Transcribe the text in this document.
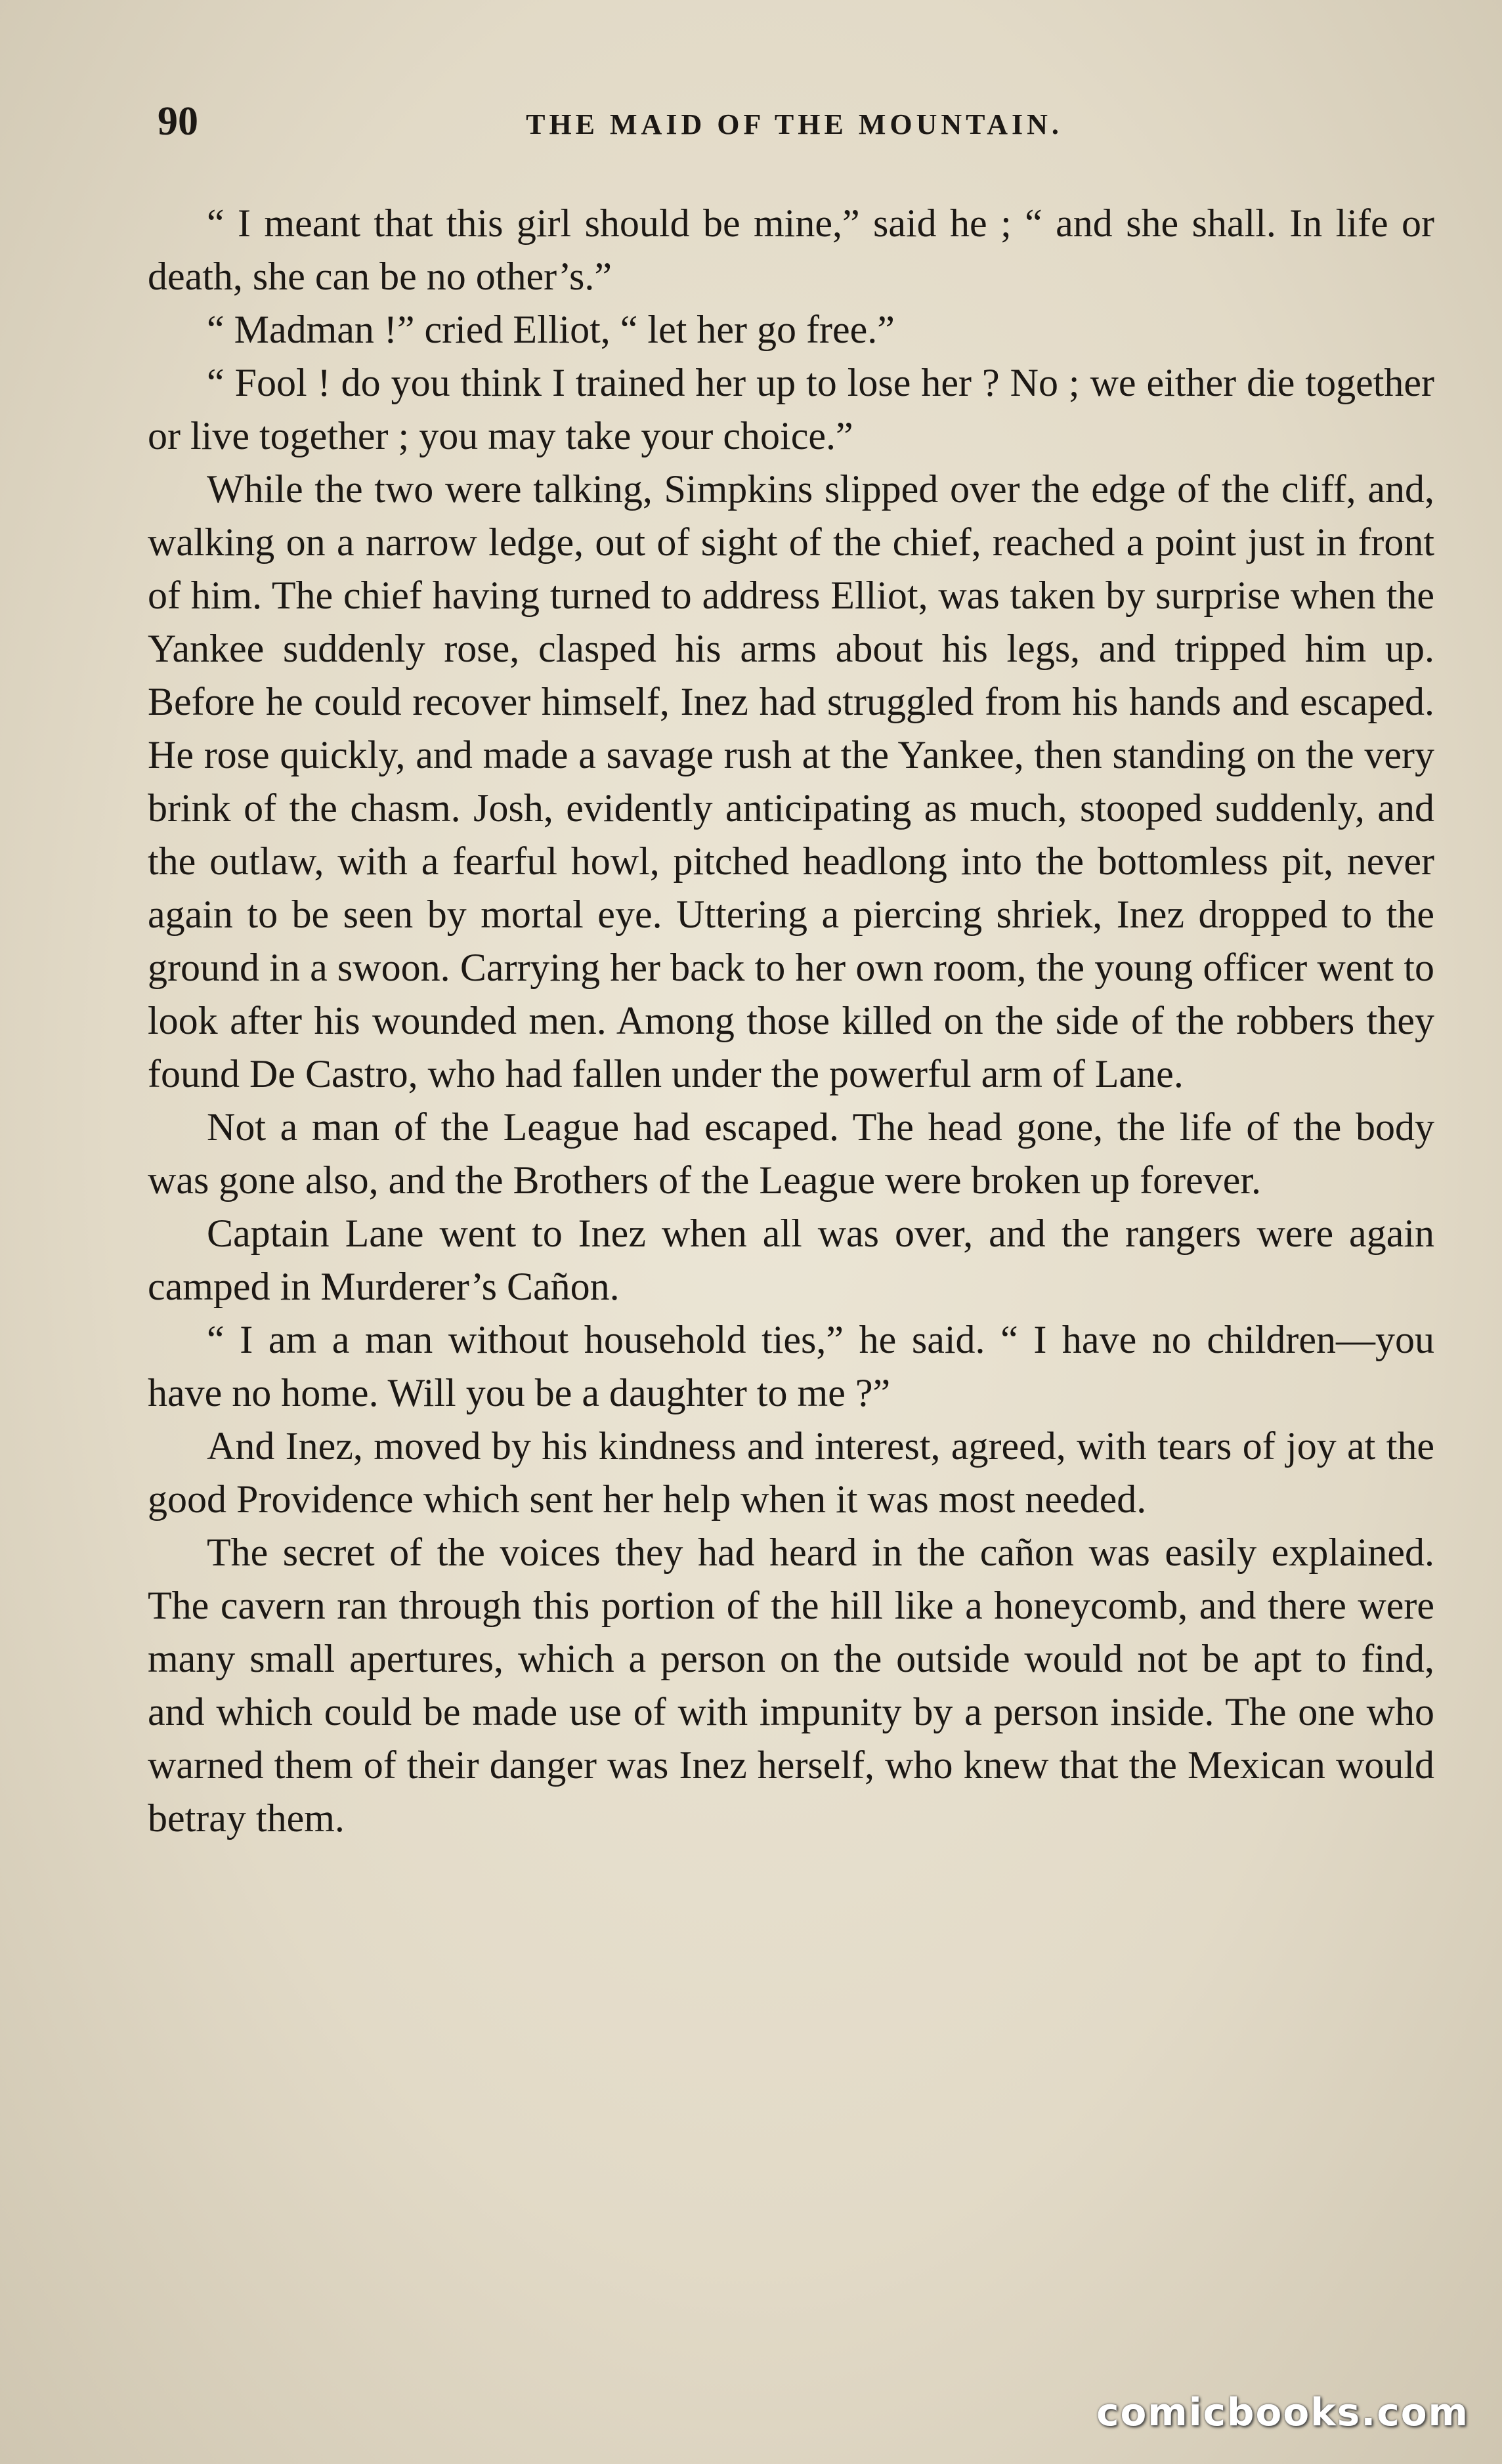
90	THE MAID OF THE MOUNTAIN.

“ I meant that this girl should be mine,” said he ; “ and she shall. In life or death, she can be no other’s.”

“ Madman !” cried Elliot, “ let her go free.”

“ Fool ! do you think I trained her up to lose her ? No ; we either die together or live together ; you may take your choice.”

While the two were talking, Simpkins slipped over the edge of the cliff, and, walking on a narrow ledge, out of sight of the chief, reached a point just in front of him. The chief having turned to address Elliot, was taken by surprise when the Yankee suddenly rose, clasped his arms about his legs, and tripped him up. Before he could recover himself, Inez had struggled from his hands and escaped. He rose quickly, and made a savage rush at the Yankee, then standing on the very brink of the chasm. Josh, evidently anticipating as much, stooped suddenly, and the outlaw, with a fearful howl, pitched headlong into the bottomless pit, never again to be seen by mortal eye. Uttering a piercing shriek, Inez dropped to the ground in a swoon. Carrying her back to her own room, the young officer went to look after his wounded men. Among those killed on the side of the robbers they found De Castro, who had fallen under the powerful arm of Lane.

Not a man of the League had escaped. The head gone, the life of the body was gone also, and the Brothers of the League were broken up forever.

Captain Lane went to Inez when all was over, and the rangers were again camped in Murderer’s Cañon.

“ I am a man without household ties,” he said. “ I have no children—you have no home. Will you be a daughter to me ?”

And Inez, moved by his kindness and interest, agreed, with tears of joy at the good Providence which sent her help when it was most needed.

The secret of the voices they had heard in the cañon was easily explained. The cavern ran through this portion of the hill like a honeycomb, and there were many small apertures, which a person on the outside would not be apt to find, and which could be made use of with impunity by a person inside. The one who warned them of their danger was Inez herself, who knew that the Mexican would betray them.

comicbooks.com
